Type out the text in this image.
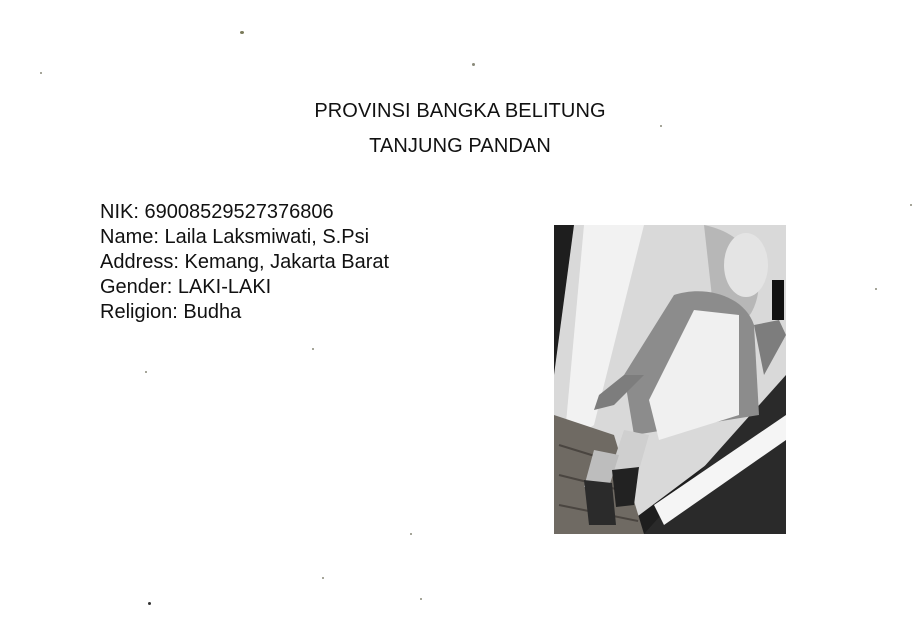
PROVINSI BANGKA BELITUNG
TANJUNG PANDAN
NIK: 69008529527376806
Name: Laila Laksmiwati, S.Psi
Address: Kemang, Jakarta Barat
Gender: LAKI-LAKI
Religion: Budha
